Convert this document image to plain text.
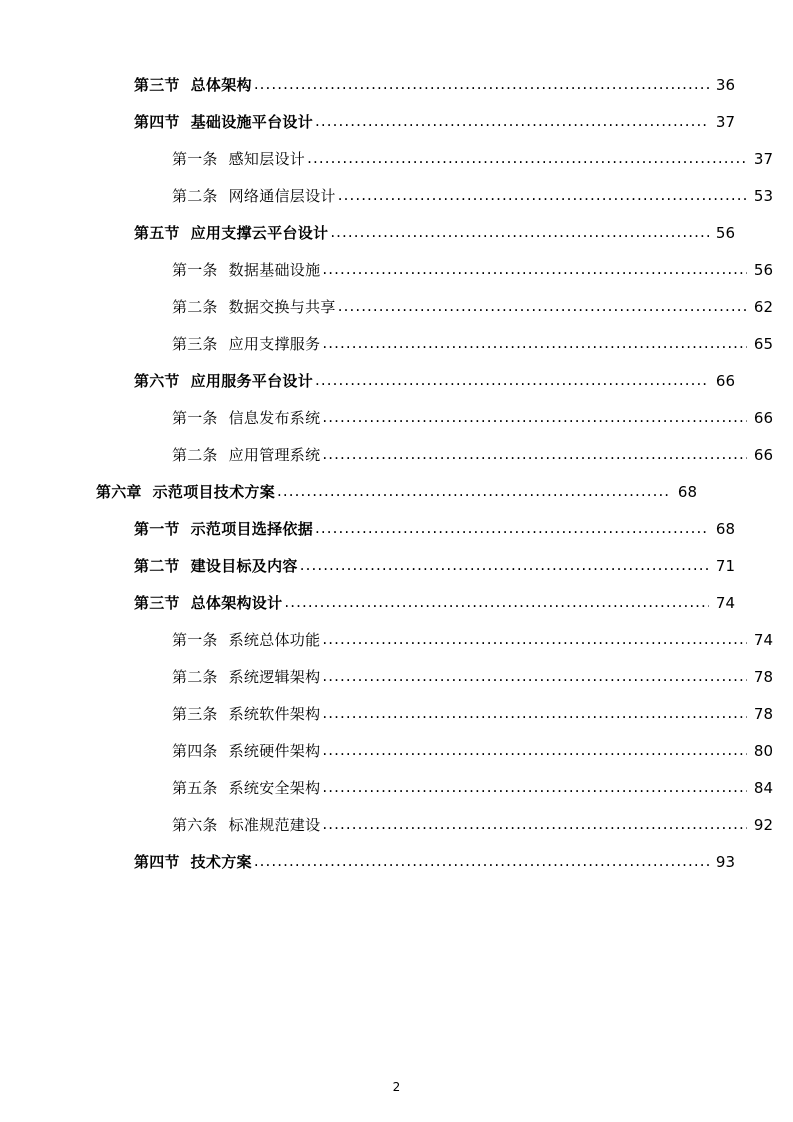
第三节 总体架构 .....	36
第四节 基础设施平台设计 .....	37
第一条 感知层设计 .....	37
第二条 网络通信层设计 .....	53
第五节 应用支撑云平台设计 .....	56
第一条 数据基础设施 .....	56
第二条 数据交换与共享 .....	62
第三条 应用支撑服务 .....	65
第六节 应用服务平台设计 .....	66
第一条 信息发布系统 .....	66
第二条 应用管理系统 .....	66
第六章 示范项目技术方案 .....	68
第一节 示范项目选择依据 .....	68
第二节 建设目标及内容 .....	71
第三节 总体架构设计 .....	74
第一条 系统总体功能 .....	74
第二条 系统逻辑架构 .....	78
第三条 系统软件架构 .....	78
第四条 系统硬件架构 .....	80
第五条 系统安全架构 .....	84
第六条 标准规范建设 .....	92
第四节 技术方案 .....	93
2
